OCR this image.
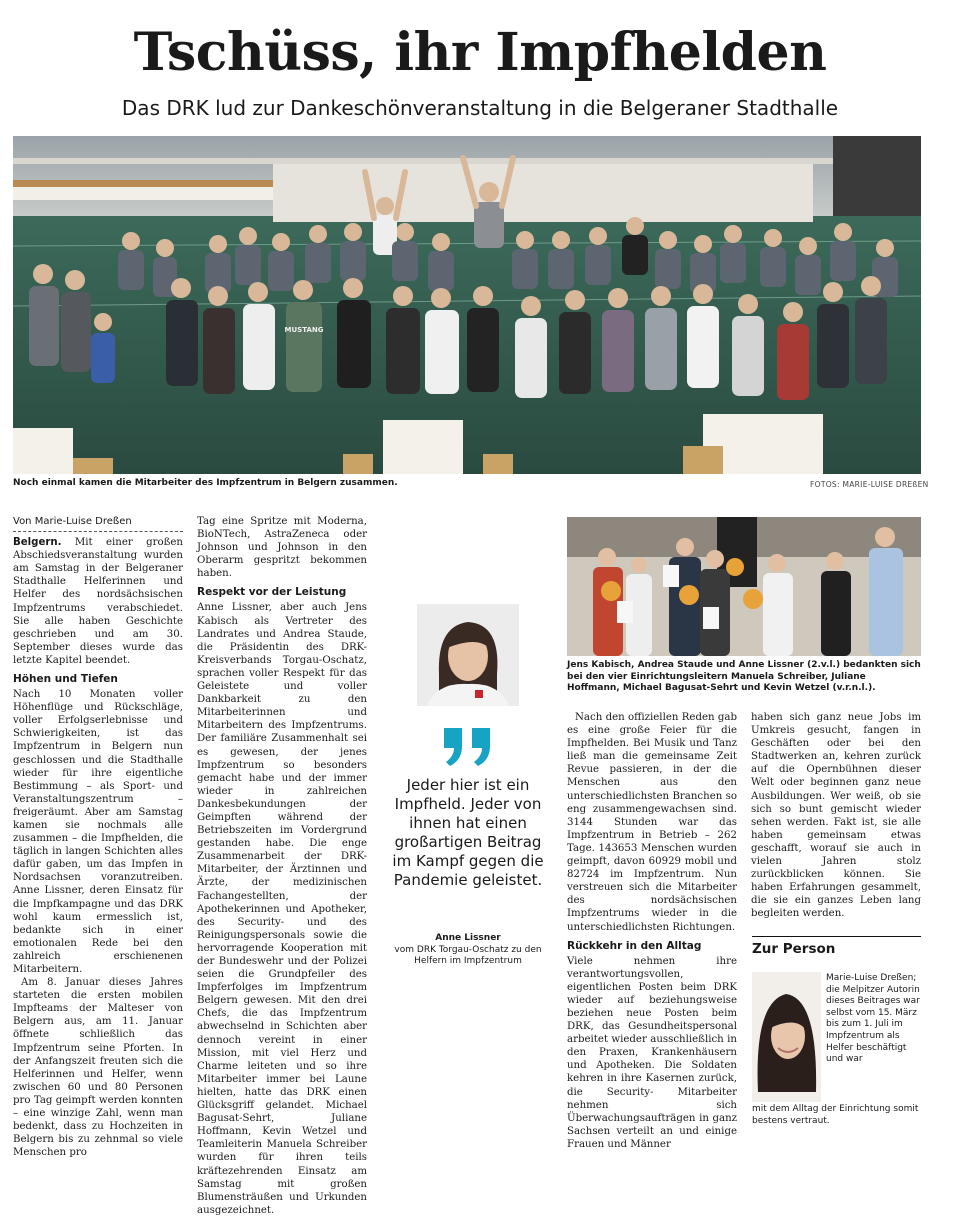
Tschüss, ihr Impfhelden

Das DRK lud zur Dankeschönveranstaltung in die Belgeraner Stadthalle

MUSTANG
Noch einmal kamen die Mitarbeiter des Impfzentrum in Belgern zusammen.	FOTOS: MARIE-LUISE DREßEN
Von Marie-Luise Dreßen

Belgern. Mit einer großen Abschiedsveranstaltung wurden am Samstag in der Belgeraner Stadthalle Helferinnen und Helfer des nordsächsischen Impfzentrums verabschiedet. Sie alle haben Geschichte geschrieben und am 30. September dieses wurde das letzte Kapitel beendet.

Höhen und Tiefen

Nach 10 Monaten voller Höhenflüge und Rückschläge, voller Erfolgserlebnisse und Schwierigkeiten, ist das Impfzentrum in Belgern nun geschlossen und die Stadthalle wieder für ihre eigentliche Bestimmung – als Sport- und Veranstaltungszentrum – freigeräumt. Aber am Samstag kamen sie nochmals alle zusammen – die Impfhelden, die täglich in langen Schichten alles dafür gaben, um das Impfen in Nordsachsen voranzutreiben. Anne Lissner, deren Einsatz für die Impfkampagne und das DRK wohl kaum ermesslich ist, bedankte sich in einer emotionalen Rede bei den zahlreich erschienenen Mitarbeitern.

Am 8. Januar dieses Jahres starteten die ersten mobilen Impfteams der Malteser von Belgern aus, am 11. Januar öffnete schließlich das Impfzentrum seine Pforten. In der Anfangszeit freuten sich die Helferinnen und Helfer, wenn zwischen 60 und 80 Personen pro Tag geimpft werden konnten – eine winzige Zahl, wenn man bedenkt, dass zu Hochzeiten in Belgern bis zu zehnmal so viele Menschen pro

Tag eine Spritze mit Moderna, BioNTech, AstraZeneca oder Johnson und Johnson in den Oberarm gespritzt bekommen haben.

Respekt vor der Leistung

Anne Lissner, aber auch Jens Kabisch als Vertreter des Landrates und Andrea Staude, die Präsidentin des DRK-Kreisverbands Torgau-Oschatz, sprachen voller Respekt für das Geleistete und voller Dankbarkeit zu den Mitarbeiterinnen und Mitarbeitern des Impfzentrums. Der familiäre Zusammenhalt sei es gewesen, der jenes Impfzentrum so besonders gemacht habe und der immer wieder in zahlreichen Dankesbekundungen der Geimpften während der Betriebszeiten im Vordergrund gestanden habe. Die enge Zusammenarbeit der DRK- Mitarbeiter, der Ärztinnen und Ärzte, der medizinischen Fachangestellten, der Apothekerinnen und Apotheker, des Security- und des Reinigungspersonals sowie die hervorragende Kooperation mit der Bundeswehr und der Polizei seien die Grundpfeiler des Impferfolges im Impfzentrum Belgern gewesen. Mit den drei Chefs, die das Impfzentrum abwechselnd in Schichten aber dennoch vereint in einer Mission, mit viel Herz und Charme leiteten und so ihre Mitarbeiter immer bei Laune hielten, hatte das DRK einen Glücksgriff gelandet. Michael Bagusat-Sehrt, Juliane Hoffmann, Kevin Wetzel und Teamleiterin Manuela Schreiber wurden für ihren teils kräftezehrenden Einsatz am Samstag mit großen Blumensträußen und Urkunden ausgezeichnet.

Jeder hier ist ein Impfheld. Jeder von ihnen hat einen großartigen Beitrag im Kampf gegen die Pandemie geleistet.

Anne Lissner
vom DRK Torgau-Oschatz zu den Helfern im Impfzentrum
Jens Kabisch, Andrea Staude und Anne Lissner (2.v.l.) bedankten sich bei den vier Einrichtungsleitern Manuela Schreiber, Juliane Hoffmann, Michael Bagusat-Sehrt und Kevin Wetzel (v.r.n.l.).

Nach den offiziellen Reden gab es eine große Feier für die Impfhelden. Bei Musik und Tanz ließ man die gemeinsame Zeit Revue passieren, in der die Menschen aus den unterschiedlichsten Branchen so eng zusammengewachsen sind. 3144 Stunden war das Impfzentrum in Betrieb – 262 Tage. 143653 Menschen wurden geimpft, davon 60929 mobil und 82724 im Impfzentrum. Nun verstreuen sich die Mitarbeiter des nordsächsischen Impfzentrums wieder in die unterschiedlichsten Richtungen.

Rückkehr in den Alltag

Viele nehmen ihre verantwortungsvollen, eigentlichen Posten beim DRK wieder auf beziehungsweise beziehen neue Posten beim DRK, das Gesundheitspersonal arbeitet wieder ausschließlich in den Praxen, Krankenhäusern und Apotheken. Die Soldaten kehren in ihre Kasernen zurück, die Security- Mitarbeiter nehmen sich Überwachungsaufträgen in ganz Sachsen verteilt an und einige Frauen und Männer

haben sich ganz neue Jobs im Umkreis gesucht, fangen in Geschäften oder bei den Stadtwerken an, kehren zurück auf die Opernbühnen dieser Welt oder beginnen ganz neue Ausbildungen. Wer weiß, ob sie sich so bunt gemischt wieder sehen werden. Fakt ist, sie alle haben gemeinsam etwas geschafft, worauf sie auch in vielen Jahren stolz zurückblicken können. Sie haben Erfahrungen gesammelt, die sie ein ganzes Leben lang begleiten werden.

Zur Person
Marie-Luise Dreßen; die Melpitzer Autorin dieses Beitrages war selbst vom 15. März bis zum 1. Juli im Impfzentrum als Helfer beschäftigt und war
mit dem Alltag der Einrichtung somit bestens vertraut.
